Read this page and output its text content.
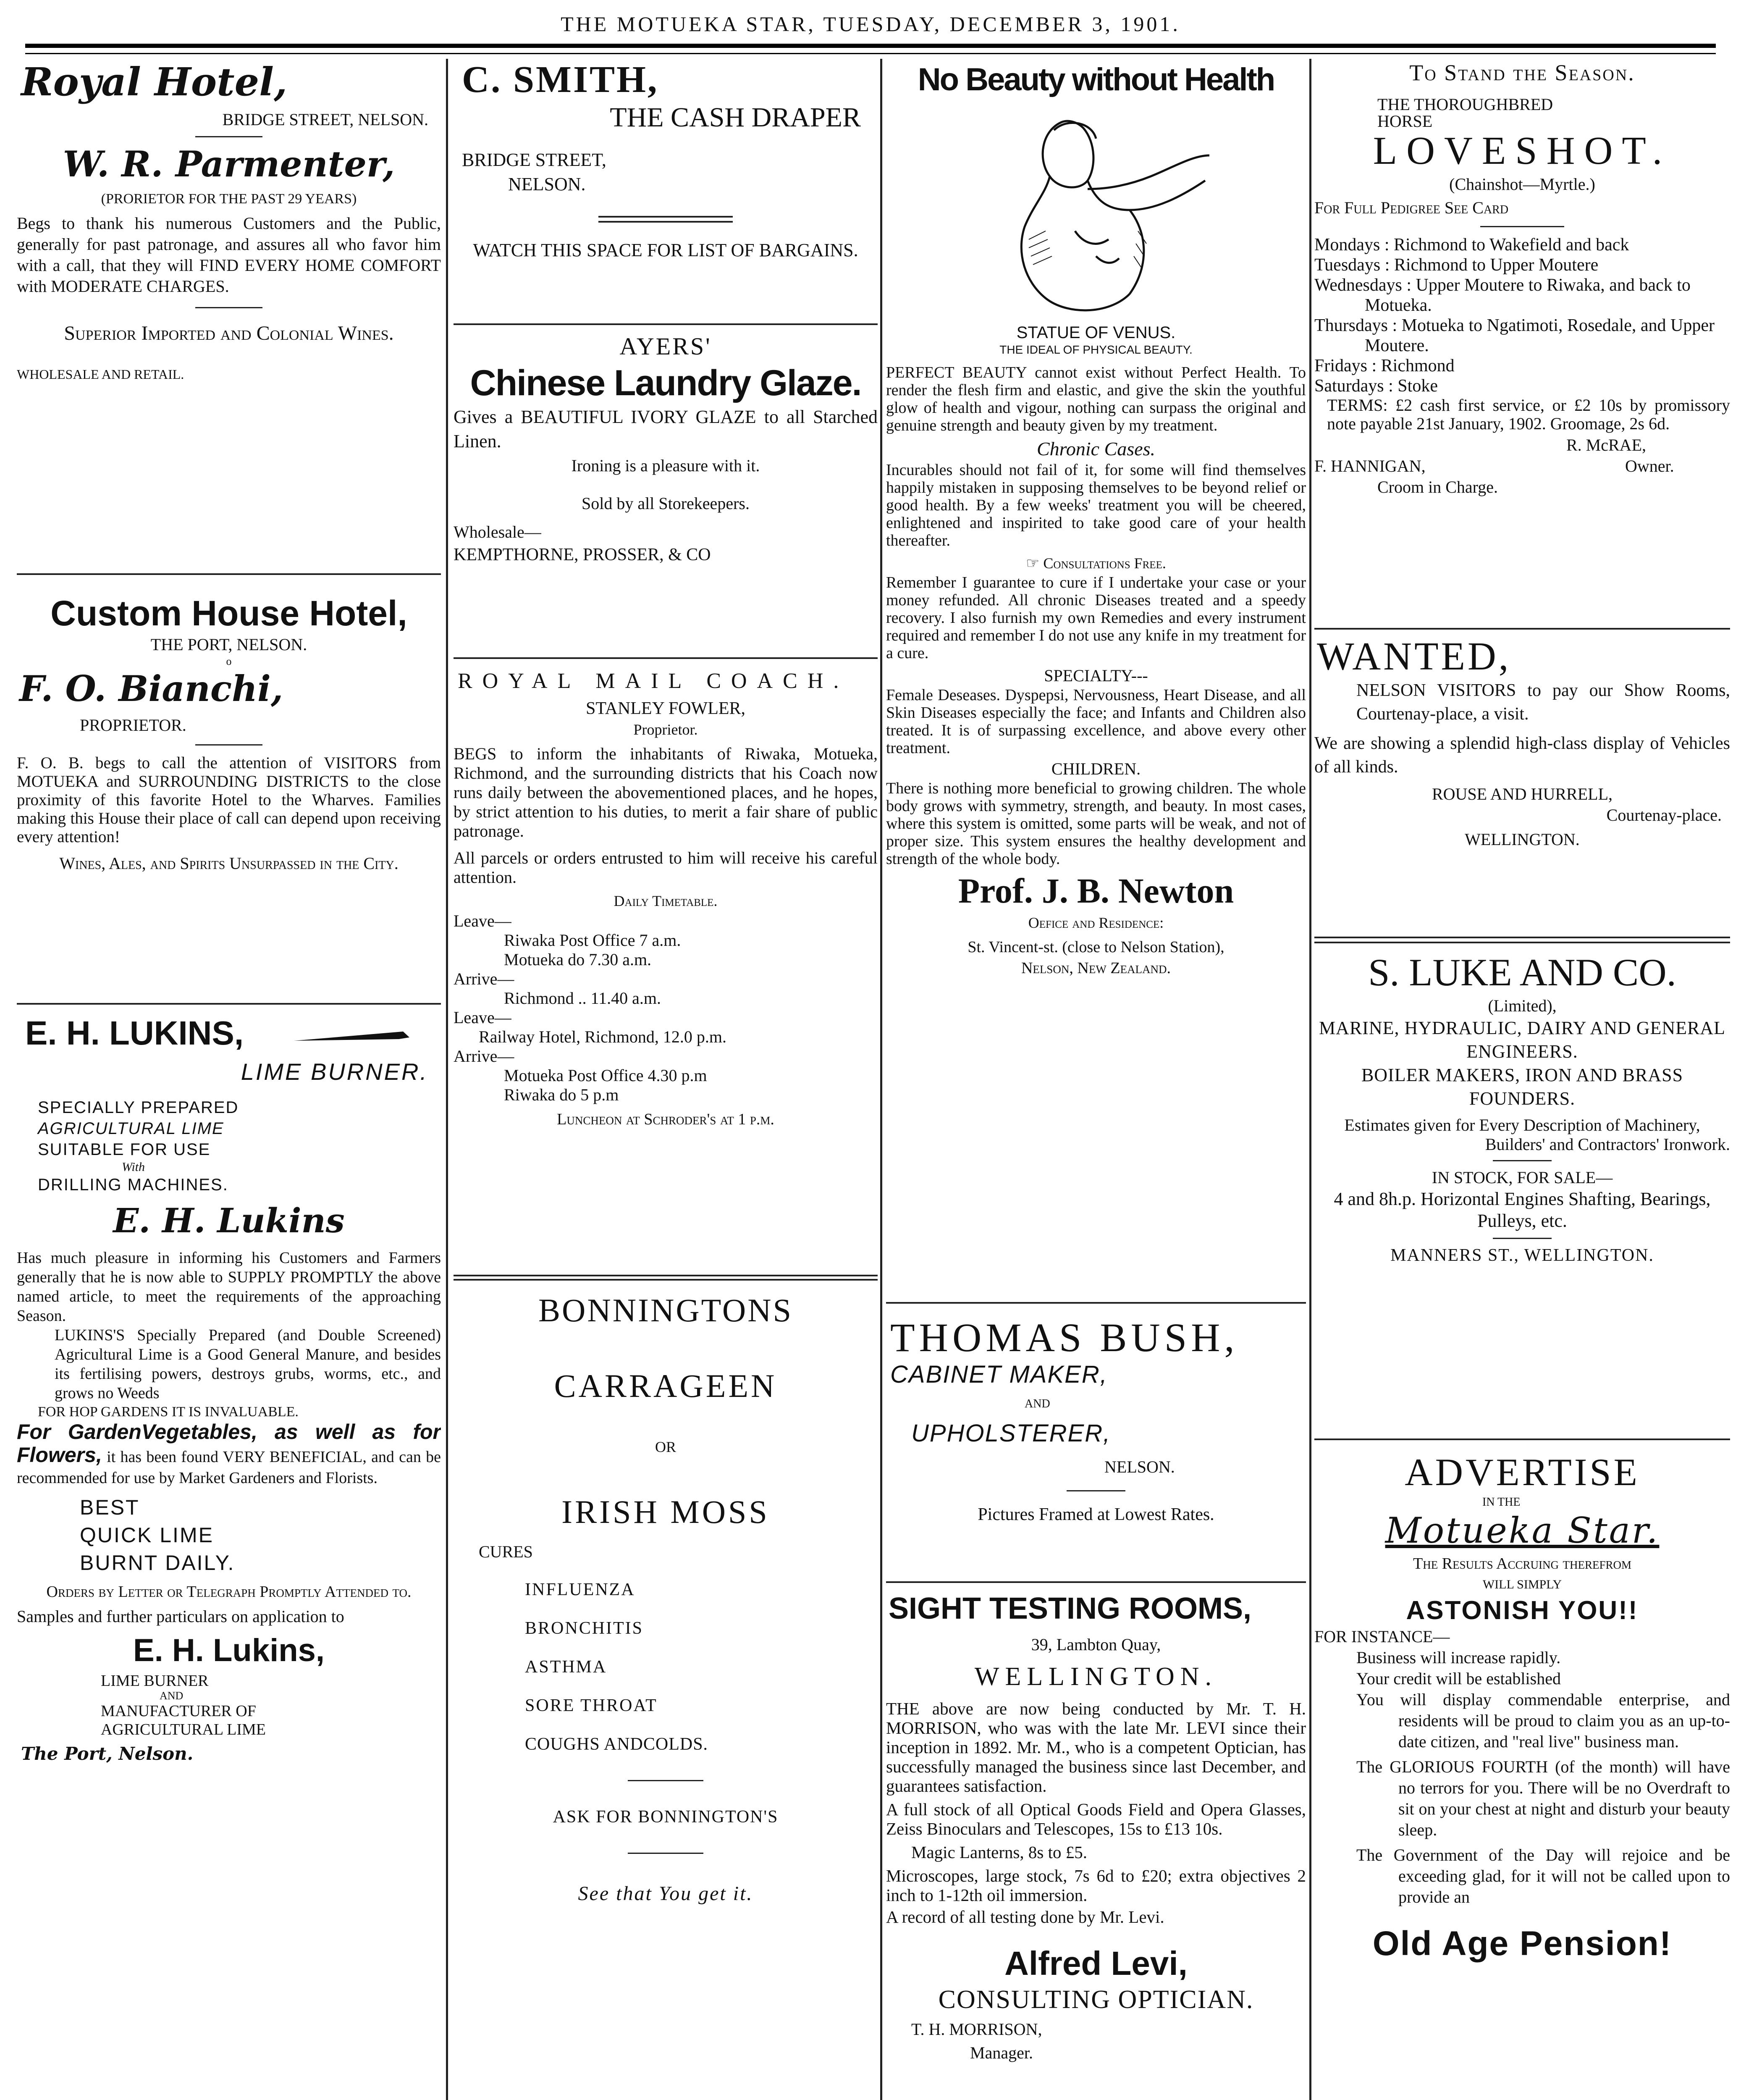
THE MOTUEKA STAR, TUESDAY, DECEMBER 3, 1901.
Royal Hotel,
BRIDGE STREET, NELSON.
W. R. Parmenter,
(PRORIETOR FOR THE PAST 29 YEARS)
Begs to thank his numerous Customers and the Public, generally for past patronage, and assures all who favor him with a call, that they will FIND EVERY HOME COMFORT with MODERATE CHARGES.
Superior Imported and Colonial Wines.
WHOLESALE AND RETAIL.
Custom House Hotel,
THE PORT, NELSON.
o
F. O. Bianchi,
PROPRIETOR.
F. O. B. begs to call the attention of VISITORS from MOTUEKA and SURROUNDING DISTRICTS to the close proximity of this favorite Hotel to the Wharves. Families making this House their place of call can depend upon receiving every attention!
Wines, Ales, and Spirits Unsurpassed in the City.
E. H. LUKINS,
LIME BURNER.
SPECIALLY PREPARED
AGRICULTURAL LIME
SUITABLE FOR USE
With
DRILLING MACHINES.
E. H. Lukins
Has much pleasure in informing his Customers and Farmers generally that he is now able to SUPPLY PROMPTLY the above named article, to meet the requirements of the approaching Season.
LUKINS'S Specially Prepared (and Double Screened) Agricultural Lime is a Good General Manure, and besides its fertilising powers, destroys grubs, worms, etc., and grows no Weeds
FOR HOP GARDENS IT IS INVALUABLE.
For GardenVegetables, as well as for Flowers, it has been found VERY BENEFICIAL, and can be recommended for use by Market Gardeners and Florists.
BEST
QUICK LIME
BURNT DAILY.
Orders by Letter or Telegraph Promptly Attended to.
Samples and further particulars on application to
E. H. Lukins,
LIME BURNER
AND
MANUFACTURER OF
AGRICULTURAL LIME
The Port, Nelson.
C. SMITH,
THE CASH DRAPER
BRIDGE STREET,
NELSON.
WATCH THIS SPACE FOR LIST OF BARGAINS.
AYERS'
Chinese Laundry Glaze.
Gives a BEAUTIFUL IVORY GLAZE to all Starched Linen.
Ironing is a pleasure with it.
Sold by all Storekeepers.
Wholesale—
KEMPTHORNE, PROSSER, & CO
ROYAL MAIL COACH.
STANLEY FOWLER,
Proprietor.
BEGS to inform the inhabitants of Riwaka, Motueka, Richmond, and the surrounding districts that his Coach now runs daily between the abovementioned places, and he hopes, by strict attention to his duties, to merit a fair share of public patronage.
All parcels or orders entrusted to him will receive his careful attention.
Daily Timetable.
Leave—
Riwaka Post Office 7 a.m.
Motueka do 7.30 a.m.
Arrive—
Richmond .. 11.40 a.m.
Leave—
Railway Hotel, Richmond, 12.0 p.m.
Arrive—
Motueka Post Office 4.30 p.m
Riwaka do 5 p.m
Luncheon at Schroder's at 1 p.m.
BONNINGTONS
CARRAGEEN
OR
IRISH MOSS
CURES
INFLUENZA
BRONCHITIS
ASTHMA
SORE THROAT
COUGHS ANDCOLDS.
ASK FOR BONNINGTON'S
See that You get it.
No Beauty without Health
STATUE OF VENUS.
THE IDEAL OF PHYSICAL BEAUTY.
PERFECT BEAUTY cannot exist without Perfect Health. To render the flesh firm and elastic, and give the skin the youthful glow of health and vigour, nothing can surpass the original and genuine strength and beauty given by my treatment.
Chronic Cases.
Incurables should not fail of it, for some will find themselves happily mistaken in supposing themselves to be beyond relief or good health. By a few weeks' treatment you will be cheered, enlightened and inspirited to take good care of your health thereafter.
☞ Consultations Free.
Remember I guarantee to cure if I undertake your case or your money refunded. All chronic Diseases treated and a speedy recovery. I also furnish my own Remedies and every instrument required and remember I do not use any knife in my treatment for a cure.
SPECIALTY---
Female Deseases. Dyspepsi, Nervousness, Heart Disease, and all Skin Diseases especially the face; and Infants and Children also treated. It is of surpassing excellence, and above every other treatment.
CHILDREN.
There is nothing more beneficial to growing children. The whole body grows with symmetry, strength, and beauty. In most cases, where this system is omitted, some parts will be weak, and not of proper size. This system ensures the healthy development and strength of the whole body.
Prof. J. B. Newton
Oefice and Residence:
St. Vincent-st. (close to Nelson Station),
Nelson, New Zealand.
THOMAS BUSH,
CABINET MAKER,
AND
UPHOLSTERER,
NELSON.
Pictures Framed at Lowest Rates.
SIGHT TESTING ROOMS,
39, Lambton Quay,
WELLINGTON.
THE above are now being conducted by Mr. T. H. MORRISON, who was with the late Mr. LEVI since their inception in 1892. Mr. M., who is a competent Optician, has successfully managed the business since last December, and guarantees satisfaction.
A full stock of all Optical Goods Field and Opera Glasses, Zeiss Binoculars and Telescopes, 15s to £13 10s.
Magic Lanterns, 8s to £5.
Microscopes, large stock, 7s 6d to £20; extra objectives 2 inch to 1-12th oil immersion.
A record of all testing done by Mr. Levi.
Alfred Levi,
CONSULTING OPTICIAN.
T. H. MORRISON,
Manager.
To Stand the Season.
THE THOROUGHBRED
HORSE
LOVESHOT.
(Chainshot—Myrtle.)
For Full Pedigree See Card
Mondays : Richmond to Wakefield and back
Tuesdays : Richmond to Upper Moutere
Wednesdays : Upper Moutere to Riwaka, and back to Motueka.
Thursdays : Motueka to Ngatimoti, Rosedale, and Upper Moutere.
Fridays : Richmond
Saturdays : Stoke
TERMS: £2 cash first service, or £2 10s by promissory note payable 21st January, 1902. Groomage, 2s 6d.
R. McRAE,
F. HANNIGAN,	Owner.
Croom in Charge.
WANTED,
NELSON VISITORS to pay our Show Rooms, Courtenay-place, a visit.
We are showing a splendid high-class display of Vehicles of all kinds.
ROUSE AND HURRELL,
Courtenay-place.
WELLINGTON.
S. LUKE AND CO.
(Limited),
MARINE, HYDRAULIC, DAIRY AND GENERAL ENGINEERS.
BOILER MAKERS, IRON AND BRASS FOUNDERS.
Estimates given for Every Description of Machinery,
Builders' and Contractors' Ironwork.
IN STOCK, FOR SALE—
4 and 8h.p. Horizontal Engines Shafting, Bearings, Pulleys, etc.
MANNERS ST., WELLINGTON.
ADVERTISE
IN THE
Motueka Star.
The Results Accruing therefrom
WILL SIMPLY
ASTONISH YOU!!
FOR INSTANCE—
Business will increase rapidly.
Your credit will be established
You will display commendable enterprise, and residents will be proud to claim you as an up-to-date citizen, and "real live" business man.
The GLORIOUS FOURTH (of the month) will have no terrors for you. There will be no Overdraft to sit on your chest at night and disturb your beauty sleep.
The Government of the Day will rejoice and be exceeding glad, for it will not be called upon to provide an
Old Age Pension!
